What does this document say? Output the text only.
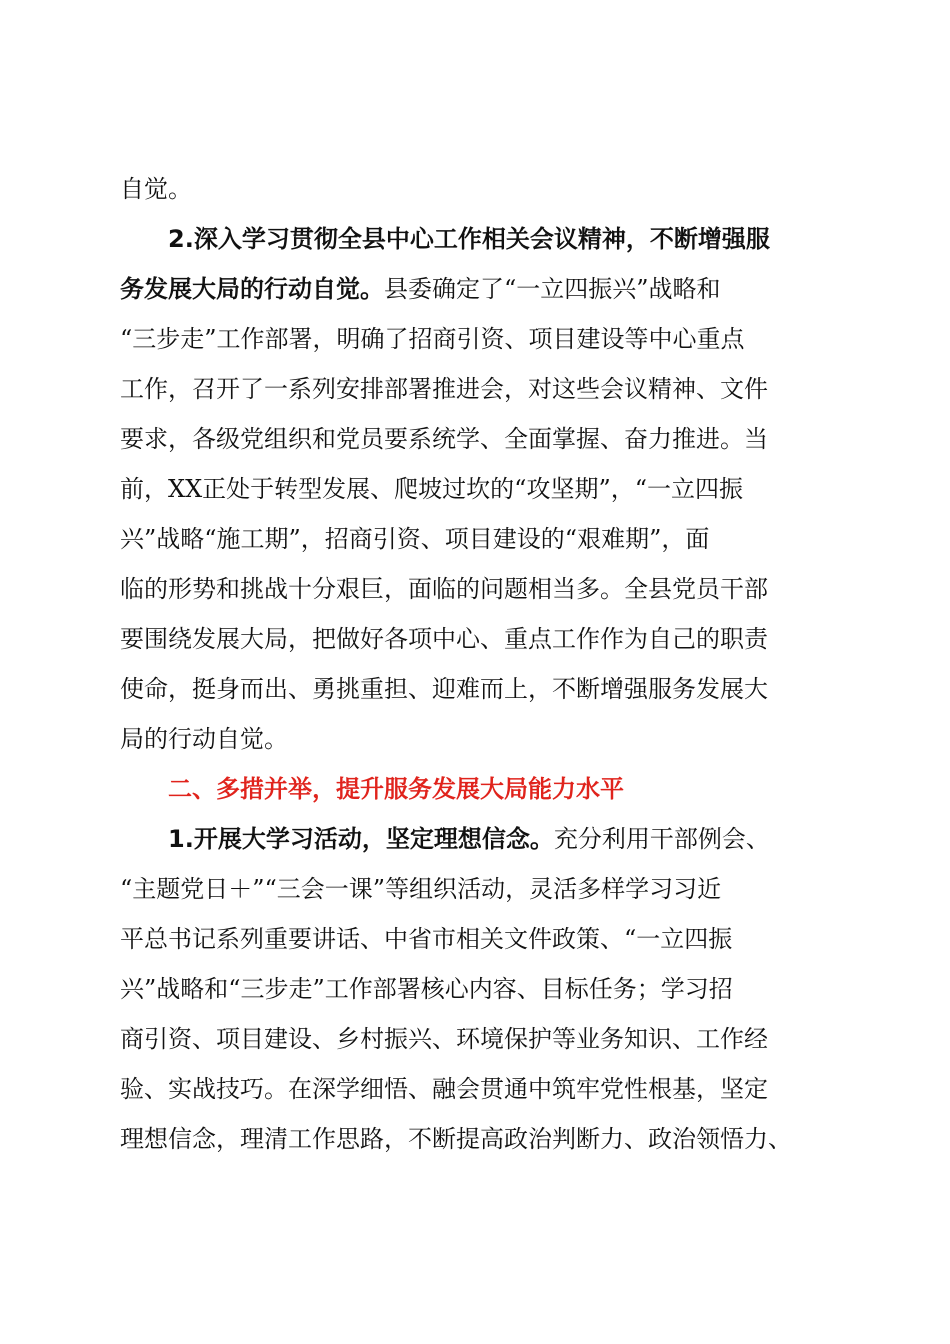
自觉。
2.深入学习贯彻全县中心工作相关会议精神，不断增强服
务发展大局的行动自觉。县委确定了“一立四振兴”战略和
“三步走”工作部署，明确了招商引资、项目建设等中心重点
工作，召开了一系列安排部署推进会，对这些会议精神、文件
要求，各级党组织和党员要系统学、全面掌握、奋力推进。当
前，XX正处于转型发展、爬坡过坎的“攻坚期”，“一立四振
兴”战略“施工期”，招商引资、项目建设的“艰难期”，面
临的形势和挑战十分艰巨，面临的问题相当多。全县党员干部
要围绕发展大局，把做好各项中心、重点工作作为自己的职责
使命，挺身而出、勇挑重担、迎难而上，不断增强服务发展大
局的行动自觉。
二、多措并举，提升服务发展大局能力水平
1.开展大学习活动，坚定理想信念。充分利用干部例会、
“主题党日＋”“三会一课”等组织活动，灵活多样学习习近
平总书记系列重要讲话、中省市相关文件政策、“一立四振
兴”战略和“三步走”工作部署核心内容、目标任务；学习招
商引资、项目建设、乡村振兴、环境保护等业务知识、工作经
验、实战技巧。在深学细悟、融会贯通中筑牢党性根基，坚定
理想信念，理清工作思路，不断提高政治判断力、政治领悟力、
